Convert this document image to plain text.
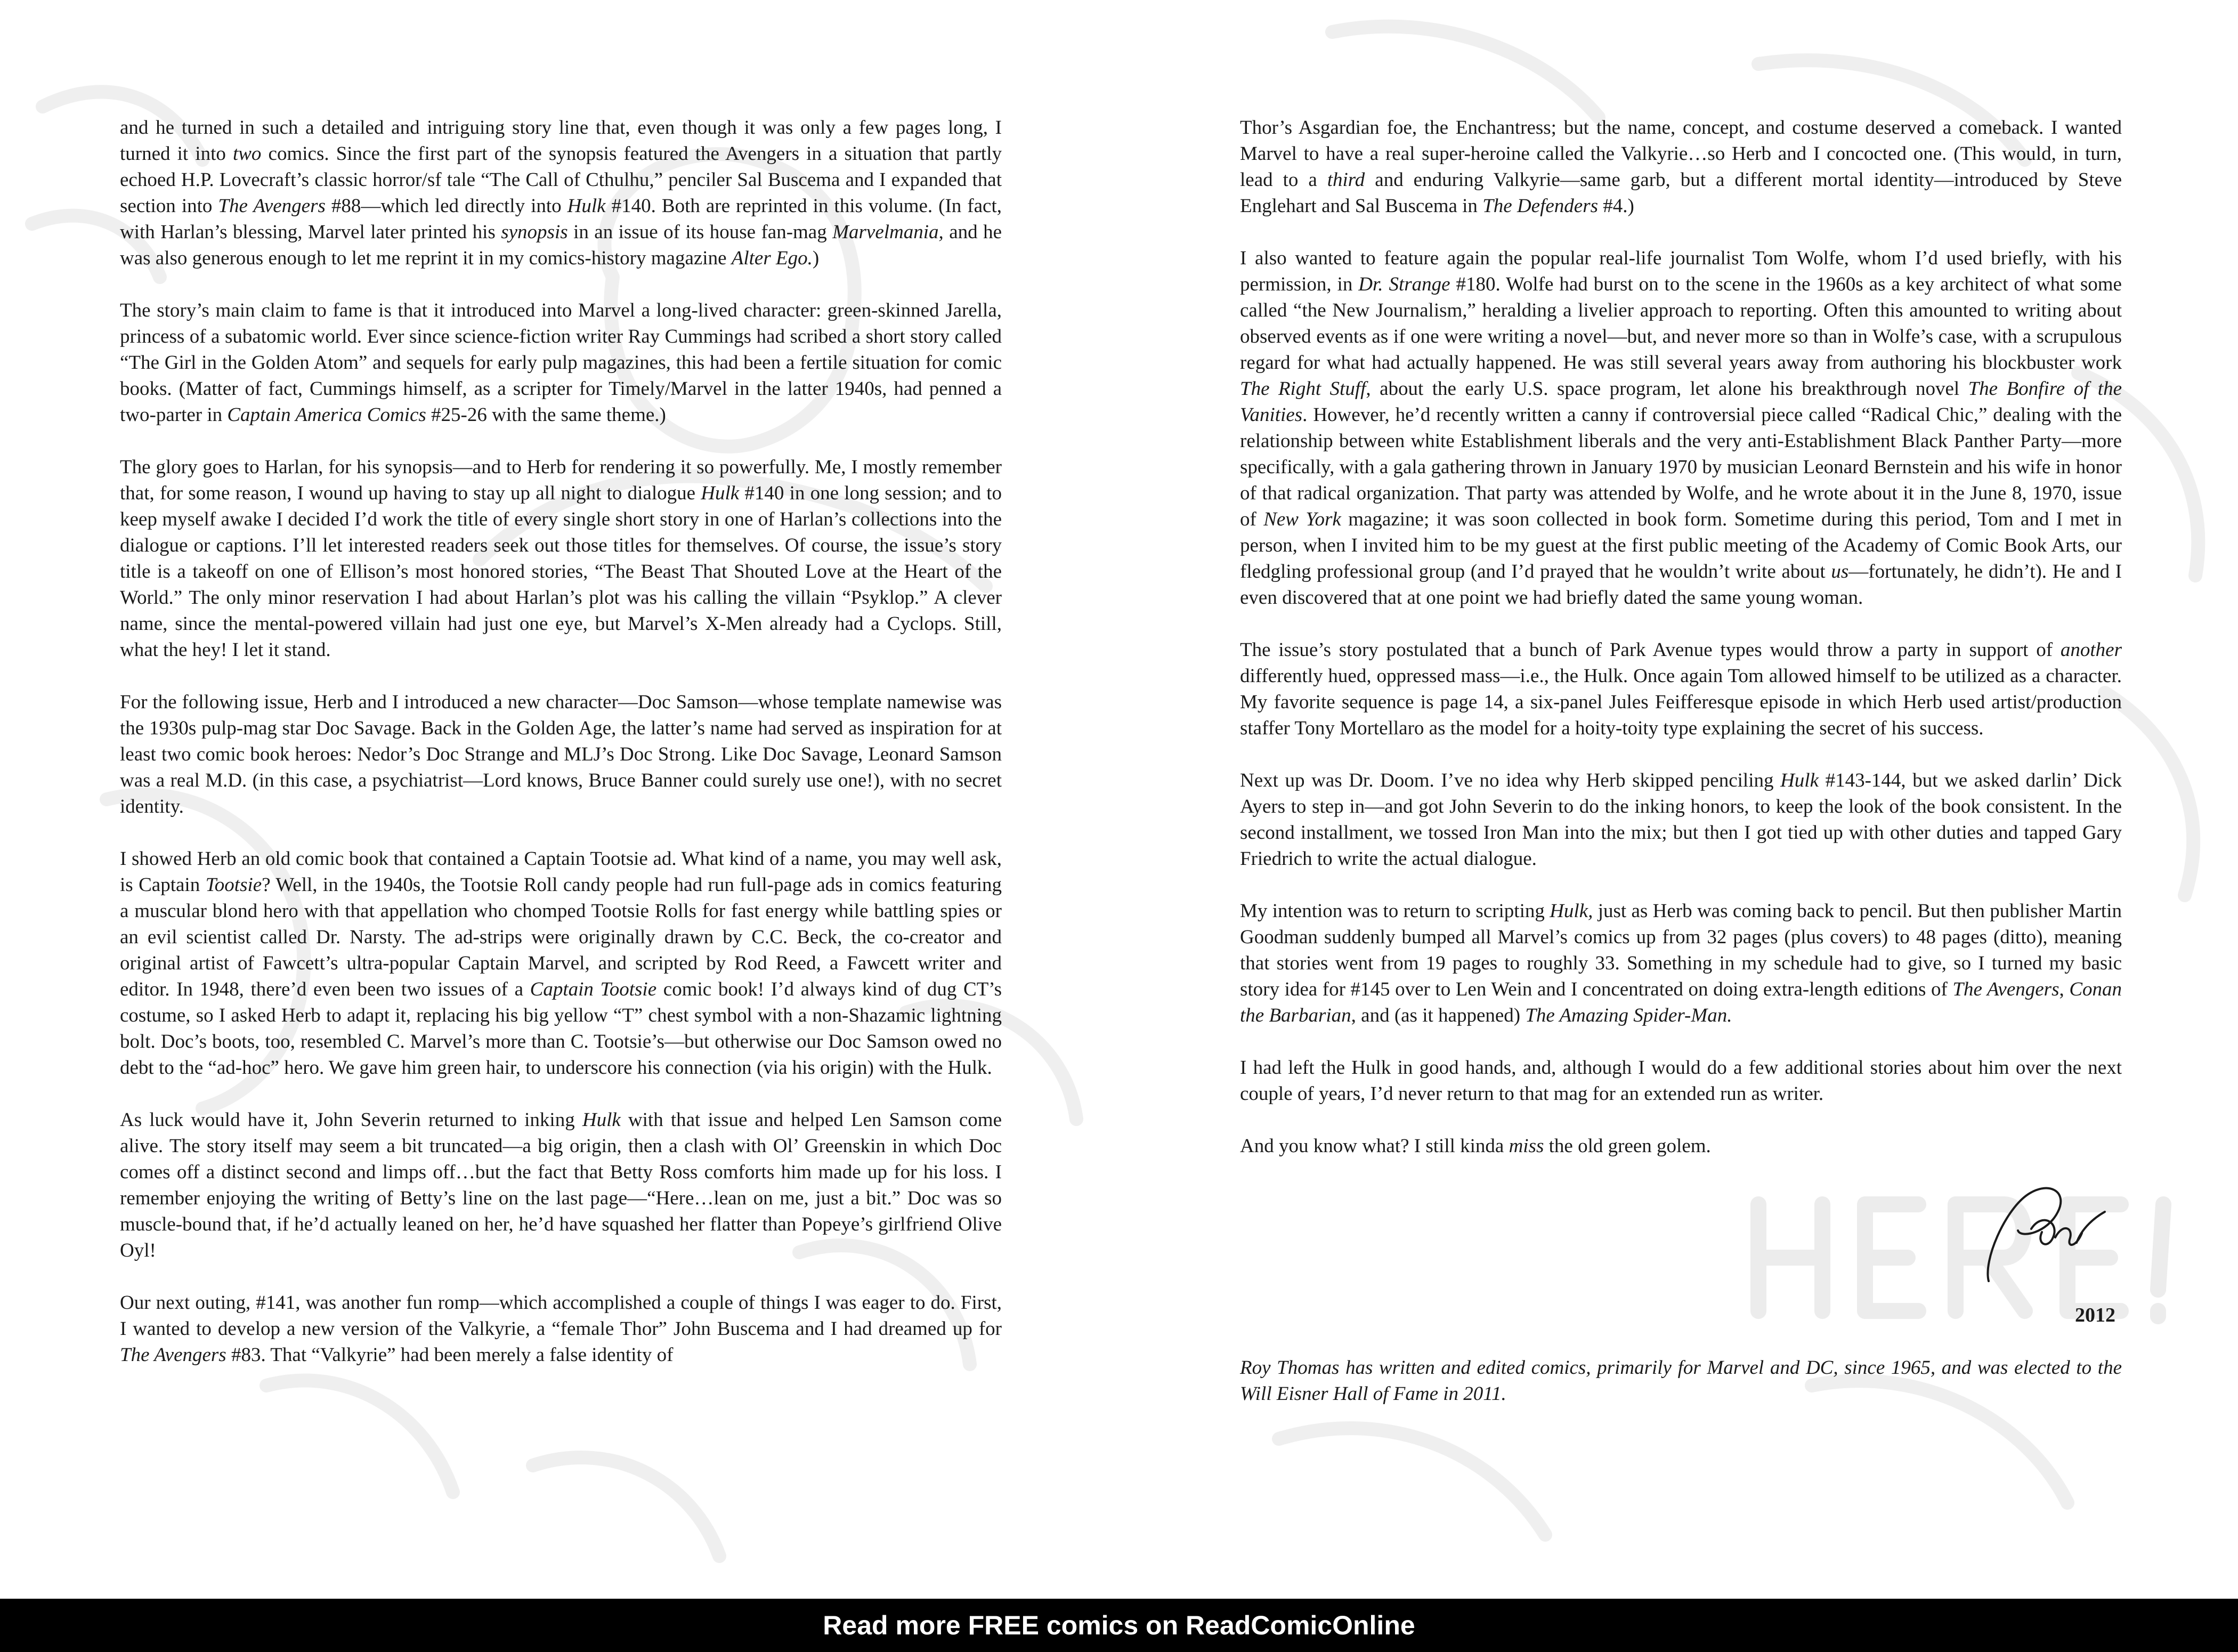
and he turned in such a detailed and intriguing story line that, even though it was only a few pages long, I turned it into two comics. Since the first part of the synopsis featured the Avengers in a situation that partly echoed H.P. Lovecraft’s classic horror/sf tale “The Call of Cthulhu,” penciler Sal Buscema and I expanded that section into The Avengers #88—which led directly into Hulk #140. Both are reprinted in this volume. (In fact, with Harlan’s blessing, Marvel later printed his synopsis in an issue of its house fan-mag Marvelmania, and he was also generous enough to let me reprint it in my comics-history magazine Alter Ego.)

The story’s main claim to fame is that it introduced into Marvel a long-lived character: green-skinned Jarella, princess of a subatomic world. Ever since science-fiction writer Ray Cummings had scribed a short story called “The Girl in the Golden Atom” and sequels for early pulp magazines, this had been a fertile situation for comic books. (Matter of fact, Cummings himself, as a scripter for Timely/Marvel in the latter 1940s, had penned a two-parter in Captain America Comics #25-26 with the same theme.)

The glory goes to Harlan, for his synopsis—and to Herb for rendering it so powerfully. Me, I mostly remember that, for some reason, I wound up having to stay up all night to dialogue Hulk #140 in one long session; and to keep myself awake I decided I’d work the title of every single short story in one of Harlan’s collections into the dialogue or captions. I’ll let interested readers seek out those titles for themselves. Of course, the issue’s story title is a takeoff on one of Ellison’s most honored stories, “The Beast That Shouted Love at the Heart of the World.” The only minor reservation I had about Harlan’s plot was his calling the villain “Psyklop.” A clever name, since the mental-powered villain had just one eye, but Marvel’s X-Men already had a Cyclops. Still, what the hey! I let it stand.

For the following issue, Herb and I introduced a new character—Doc Samson—whose template namewise was the 1930s pulp-mag star Doc Savage. Back in the Golden Age, the latter’s name had served as inspiration for at least two comic book heroes: Nedor’s Doc Strange and MLJ’s Doc Strong. Like Doc Savage, Leonard Samson was a real M.D. (in this case, a psychiatrist—Lord knows, Bruce Banner could surely use one!), with no secret identity.

I showed Herb an old comic book that contained a Captain Tootsie ad. What kind of a name, you may well ask, is Captain Tootsie? Well, in the 1940s, the Tootsie Roll candy people had run full-page ads in comics featuring a muscular blond hero with that appellation who chomped Tootsie Rolls for fast energy while battling spies or an evil scientist called Dr. Narsty. The ad-strips were originally drawn by C.C. Beck, the co-creator and original artist of Fawcett’s ultra-popular Captain Marvel, and scripted by Rod Reed, a Fawcett writer and editor. In 1948, there’d even been two issues of a Captain Tootsie comic book! I’d always kind of dug CT’s costume, so I asked Herb to adapt it, replacing his big yellow “T” chest symbol with a non-Shazamic lightning bolt. Doc’s boots, too, resembled C. Marvel’s more than C. Tootsie’s—but otherwise our Doc Samson owed no debt to the “ad-hoc” hero. We gave him green hair, to underscore his connection (via his origin) with the Hulk.

As luck would have it, John Severin returned to inking Hulk with that issue and helped Len Samson come alive. The story itself may seem a bit truncated—a big origin, then a clash with Ol’ Greenskin in which Doc comes off a distinct second and limps off…but the fact that Betty Ross comforts him made up for his loss. I remember enjoying the writing of Betty’s line on the last page—“Here…lean on me, just a bit.” Doc was so muscle-bound that, if he’d actually leaned on her, he’d have squashed her flatter than Popeye’s girlfriend Olive Oyl!

Our next outing, #141, was another fun romp—which accomplished a couple of things I was eager to do. First, I wanted to develop a new version of the Valkyrie, a “female Thor” John Buscema and I had dreamed up for The Avengers #83. That “Valkyrie” had been merely a false identity of

Thor’s Asgardian foe, the Enchantress; but the name, concept, and costume deserved a comeback. I wanted Marvel to have a real super-heroine called the Valkyrie…so Herb and I concocted one. (This would, in turn, lead to a third and enduring Valkyrie—same garb, but a different mortal identity—introduced by Steve Englehart and Sal Buscema in The Defenders #4.)

I also wanted to feature again the popular real-life journalist Tom Wolfe, whom I’d used briefly, with his permission, in Dr. Strange #180. Wolfe had burst on to the scene in the 1960s as a key architect of what some called “the New Journalism,” heralding a livelier approach to reporting. Often this amounted to writing about observed events as if one were writing a novel—but, and never more so than in Wolfe’s case, with a scrupulous regard for what had actually happened. He was still several years away from authoring his blockbuster work The Right Stuff, about the early U.S. space program, let alone his breakthrough novel The Bonfire of the Vanities. However, he’d recently written a canny if controversial piece called “Radical Chic,” dealing with the relationship between white Establishment liberals and the very anti-Establishment Black Panther Party—more specifically, with a gala gathering thrown in January 1970 by musician Leonard Bernstein and his wife in honor of that radical organization. That party was attended by Wolfe, and he wrote about it in the June 8, 1970, issue of New York magazine; it was soon collected in book form. Sometime during this period, Tom and I met in person, when I invited him to be my guest at the first public meeting of the Academy of Comic Book Arts, our fledgling professional group (and I’d prayed that he wouldn’t write about us—fortunately, he didn’t). He and I even discovered that at one point we had briefly dated the same young woman.

The issue’s story postulated that a bunch of Park Avenue types would throw a party in support of another differently hued, oppressed mass—i.e., the Hulk. Once again Tom allowed himself to be utilized as a character. My favorite sequence is page 14, a six-panel Jules Feifferesque episode in which Herb used artist/production staffer Tony Mortellaro as the model for a hoity-toity type explaining the secret of his success.

Next up was Dr. Doom. I’ve no idea why Herb skipped penciling Hulk #143-144, but we asked darlin’ Dick Ayers to step in—and got John Severin to do the inking honors, to keep the look of the book consistent. In the second installment, we tossed Iron Man into the mix; but then I got tied up with other duties and tapped Gary Friedrich to write the actual dialogue.

My intention was to return to scripting Hulk, just as Herb was coming back to pencil. But then publisher Martin Goodman suddenly bumped all Marvel’s comics up from 32 pages (plus covers) to 48 pages (ditto), meaning that stories went from 19 pages to roughly 33. Something in my schedule had to give, so I turned my basic story idea for #145 over to Len Wein and I concentrated on doing extra-length editions of The Avengers, Conan the Barbarian, and (as it happened) The Amazing Spider-Man.

I had left the Hulk in good hands, and, although I would do a few additional stories about him over the next couple of years, I’d never return to that mag for an extended run as writer.

And you know what? I still kinda miss the old green golem.

2012

Roy Thomas has written and edited comics, primarily for Marvel and DC, since 1965, and was elected to the Will Eisner Hall of Fame in 2011.

Read more FREE comics on ReadComicOnline
